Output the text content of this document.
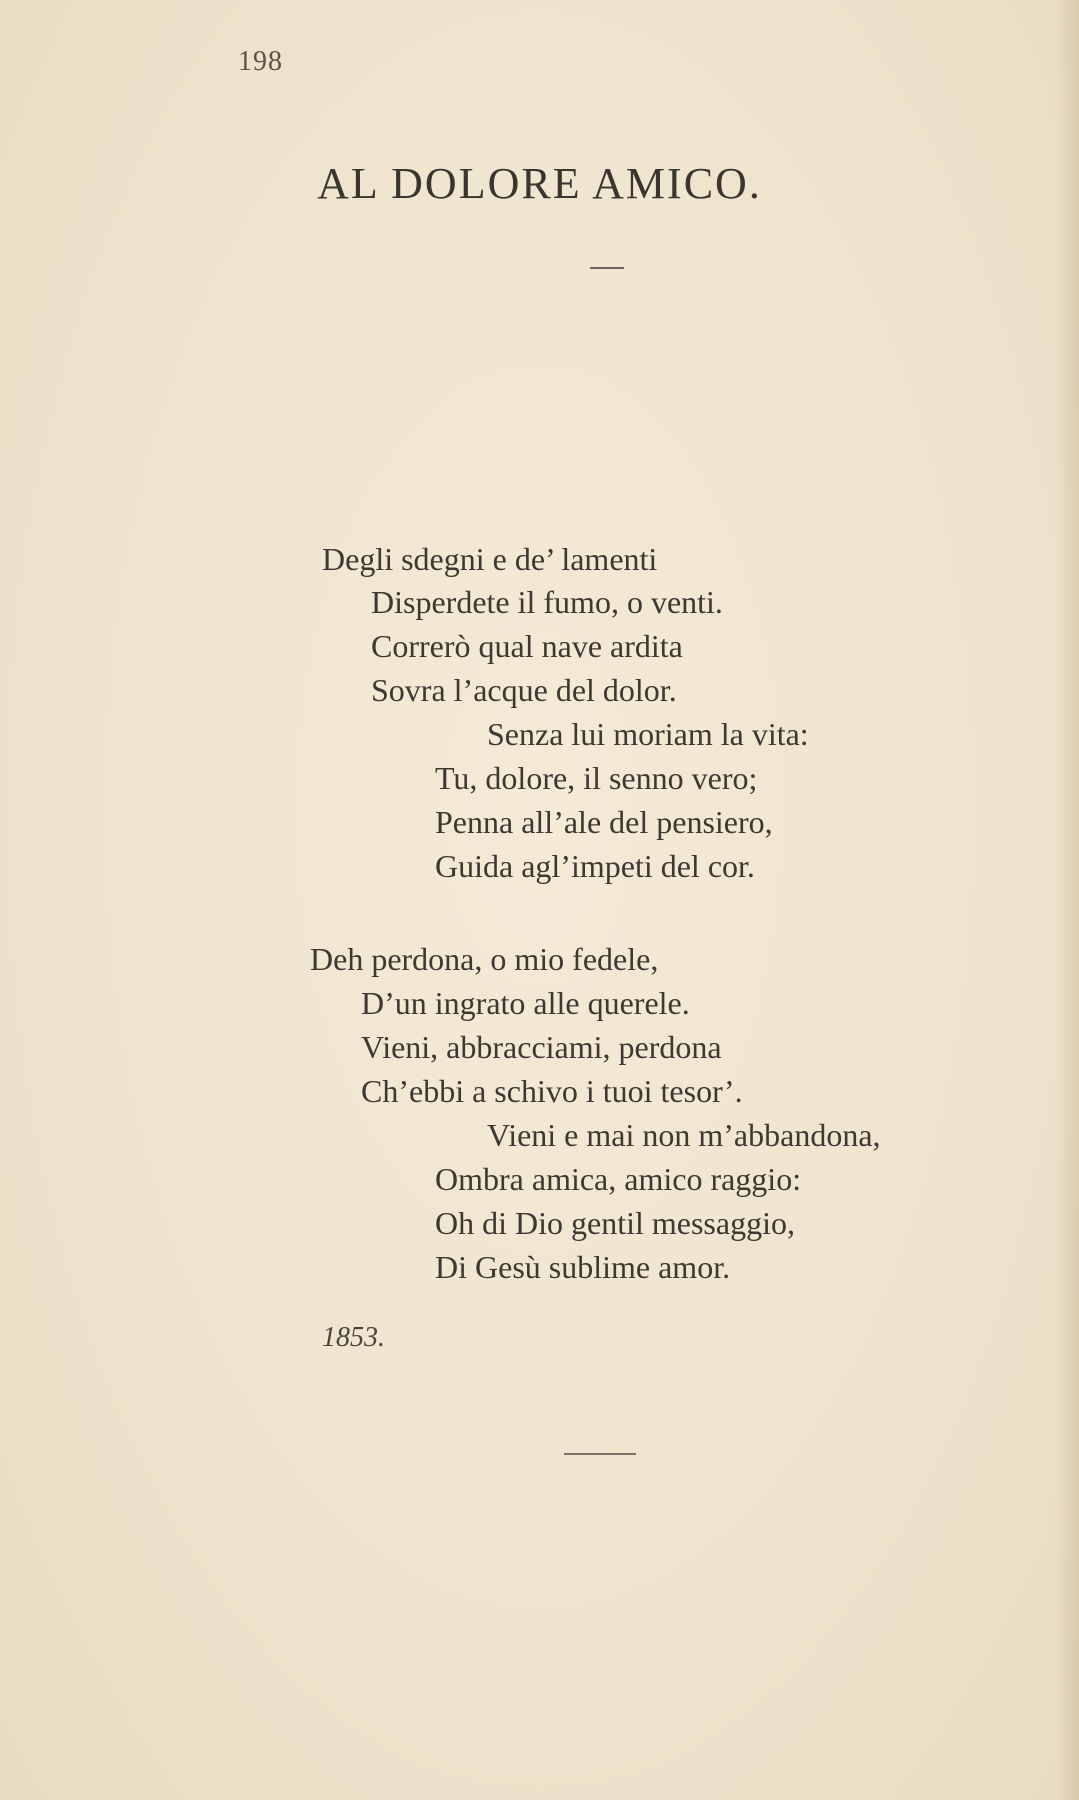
198
AL DOLORE AMICO.
Degli sdegni e de’ lamenti
Disperdete il fumo, o venti.
Correrò qual nave ardita
Sovra l’acque del dolor.
Senza lui moriam la vita:
Tu, dolore, il senno vero;
Penna all’ale del pensiero,
Guida agl’impeti del cor.
Deh perdona, o mio fedele,
D’un ingrato alle querele.
Vieni, abbracciami, perdona
Ch’ebbi a schivo i tuoi tesor’.
Vieni e mai non m’abbandona,
Ombra amica, amico raggio:
Oh di Dio gentil messaggio,
Di Gesù sublime amor.
1853.
